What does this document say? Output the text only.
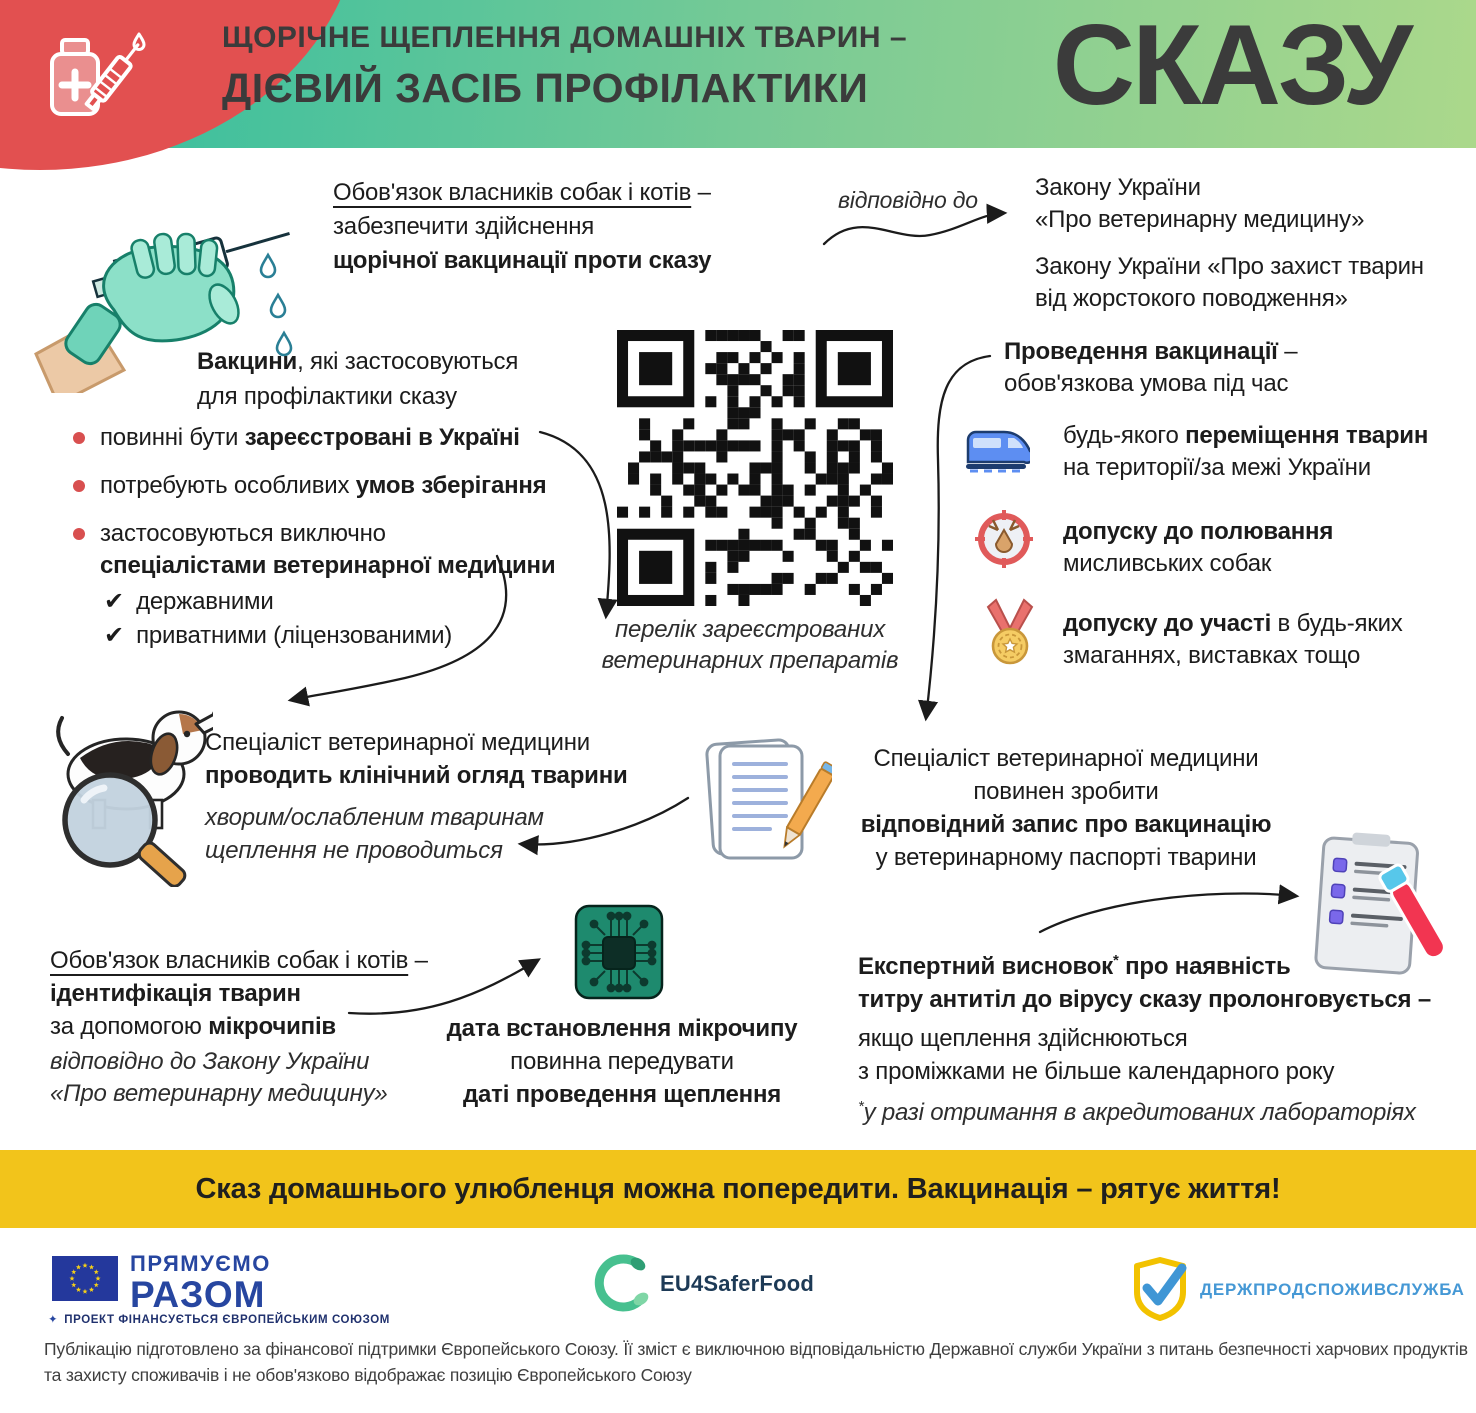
ЩОРІЧНЕ ЩЕПЛЕННЯ ДОМАШНІХ ТВАРИН –
ДІЄВИЙ ЗАСІБ ПРОФІЛАКТИКИ	СКАЗУ
Обов'язок власників собак і котів –
забезпечити здійснення
щорічної вакцинації проти сказу
відповідно до Закону України
«Про ветеринарну медицину»
Закону України «Про захист тварин
від жорстокого поводження»
Вакцини, які застосовуються
для профілактики сказу
повинні бути зареєстровані в Україні
потребують особливих умов зберігання
застосовуються виключно
спеціалістами ветеринарної медицини
✔ державними
✔ приватними (ліцензованими)	перелік зареєстрованих
ветеринарних препаратів
Проведення вакцинації –
обов'язкова умова під час
будь-якого переміщення тварин
на території/за межі України
допуску до полювання
мисливських собак
допуску до участі в будь-яких
змаганнях, виставках тощо
Спеціаліст ветеринарної медицини
проводить клінічний огляд тварини
хворим/ослабленим тваринам
щеплення не проводиться
Спеціаліст ветеринарної медицини
повинен зробити
відповідний запис про вакцинацію
у ветеринарному паспорті тварини
Обов'язок власників собак і котів –
ідентифікація тварин
за допомогою мікрочипів
відповідно до Закону України
«Про ветеринарну медицину»
дата встановлення мікрочипу
повинна передувати
даті проведення щеплення
Експертний висновок* про наявність
титру антитіл до вірусу сказу пролонговується –
якщо щеплення здійснюються
з проміжками не більше календарного року
*у разі отримання в акредитованих лабораторіях
Сказ домашнього улюбленця можна попередити. Вакцинація – рятує життя!
ПРЯМУЄМО
РАЗОМ
✦ ПРОЕКТ ФІНАНСУЄТЬСЯ ЄВРОПЕЙСЬКИМ СОЮЗОМ
EU4SaferFood	ДЕРЖПРОДСПОЖИВСЛУЖБА
Публікацію підготовлено за фінансової підтримки Європейського Союзу. Її зміст є виключною відповідальністю Державної служби України з питань безпечності харчових продуктів
та захисту споживачів і не обов'язково відображає позицію Європейського Союзу
